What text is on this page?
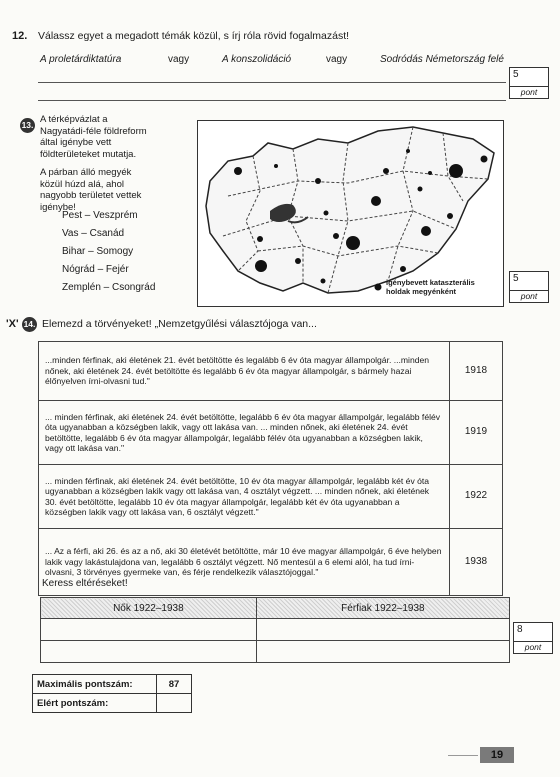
12. Válassz egyet a megadott témák közül, s írj róla rövid fogalmazást!
A proletárdiktatúra	vagy	A konszolidáció	vagy	Sodródás Németország felé
5
pont
13. A térképvázlat a Nagyatádi-féle földreform által igénybe vett földterületeket mutatja.
A párban álló megyék közül húzd alá, ahol nagyobb területet vettek igénybe!
Pest – Veszprém
Vas – Csanád
Bihar – Somogy
Nógrád – Fejér
Zemplén – Csongrád	igénybevett kataszterális holdak megyénként
5
pont
'X' 14. Elemezd a törvényeket! „Nemzetgyűlési választójoga van...
...minden férfinak, aki életének 21. évét betöltötte és legalább 6 év óta magyar állampolgár. ...minden nőnek, aki életének 24. évét betöltötte és legalább 6 év óta magyar állampolgár, s bármely hazai élőnyelven írni-olvasni tud."	1918
... minden férfinak, aki életének 24. évét betöltötte, legalább 6 év óta magyar állampolgár, legalább félév óta ugyanabban a községben lakik, vagy ott lakása van. ... minden nőnek, aki életének 24. évét betöltötte, legalább 6 év óta magyar állampolgár, legalább félév óta ugyanabban a községben lakik, vagy ott lakása van."	1919
... minden férfinak, aki életének 24. évét betöltötte, 10 év óta magyar állampolgár, legalább két év óta ugyanabban a községben lakik vagy ott lakása van, 4 osztályt végzett. ... minden nőnek, aki életének 30. évét betöltötte, legalább 10 év óta magyar állampolgár, legalább két év óta ugyanabban a községben lakik vagy ott lakása van, 6 osztályt végzett."	1922
... Az a férfi, aki 26. és az a nő, aki 30 életévét betöltötte, már 10 éve magyar állampolgár, 6 éve helyben lakik vagy lakástulajdona van, legalább 6 osztályt végzett. Nő mentesül a 6 elemi alól, ha tud írni-olvasni, 3 törvényes gyermeke van, és férje rendelkezik választójoggal."	1938
Keress eltéréseket!
Nők 1922–1938	Férfiak 1922–1938

8
pont
Maximális pontszám:	87
Elért pontszám:	
19
